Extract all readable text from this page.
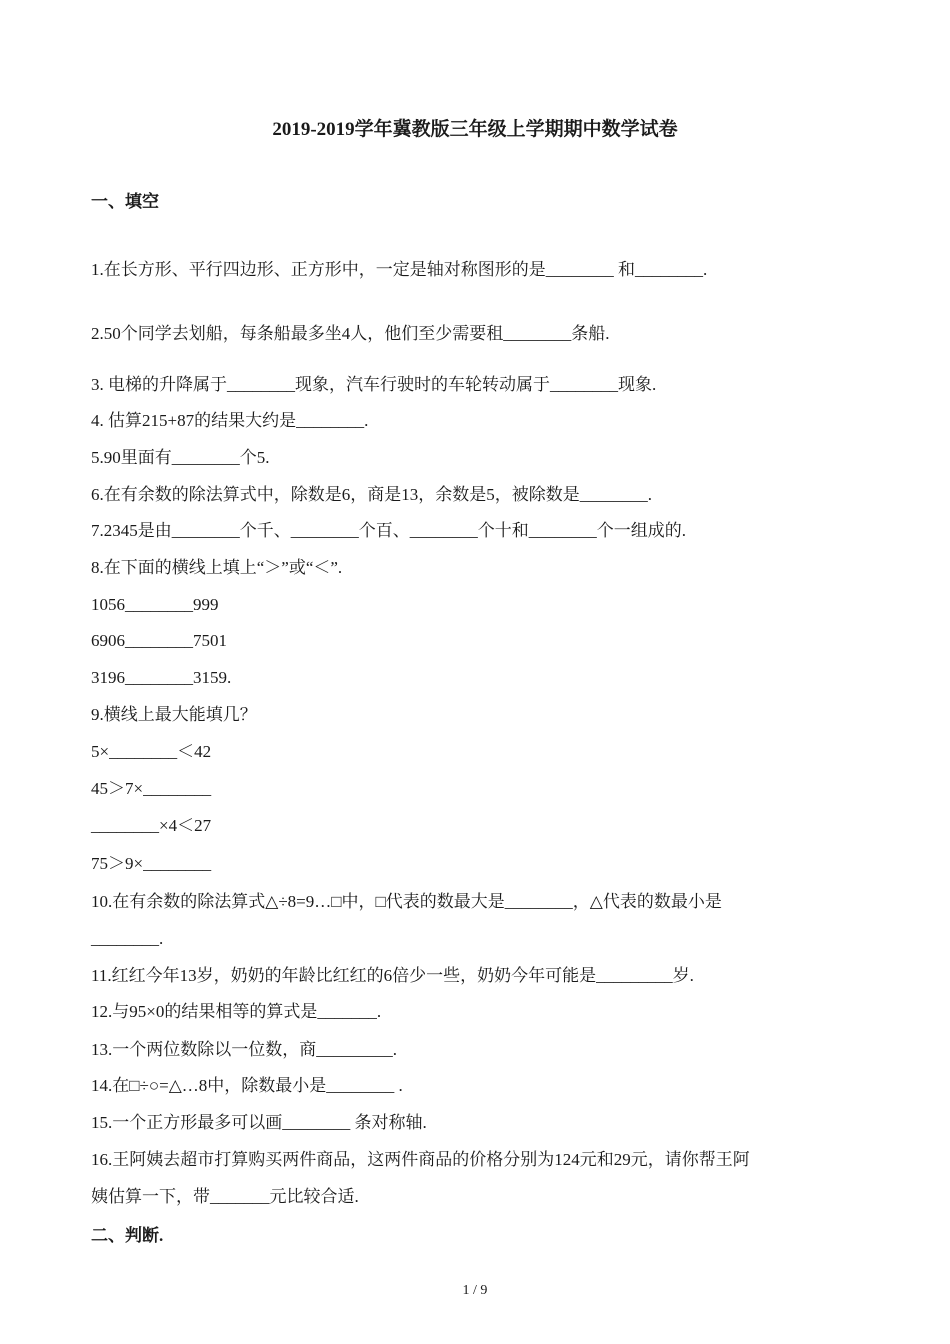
2019-2019学年冀教版三年级上学期期中数学试卷
一、填空
1.在长方形、平行四边形、正方形中，一定是轴对称图形的是________ 和________.
2.50个同学去划船，每条船最多坐4人，他们至少需要租________条船.
3. 电梯的升降属于________现象，汽车行驶时的车轮转动属于________现象.
4. 估算215+87的结果大约是________.
5.90里面有________个5.
6.在有余数的除法算式中，除数是6，商是13，余数是5，被除数是________.
7.2345是由________个千、________个百、________个十和________个一组成的.
8.在下面的横线上填上“＞”或“＜”.
1056________999
6906________7501
3196________3159.
9.横线上最大能填几？
5×________＜42
45＞7×________
________×4＜27
75＞9×________
10.在有余数的除法算式△÷8=9…□中，□代表的数最大是________，△代表的数最小是
________.
11.红红今年13岁，奶奶的年龄比红红的6倍少一些，奶奶今年可能是_________岁.
12.与95×0的结果相等的算式是_______.
13.一个两位数除以一位数，商_________.
14.在□÷○=△…8中，除数最小是________ .
15.一个正方形最多可以画________ 条对称轴.
16.王阿姨去超市打算购买两件商品，这两件商品的价格分别为124元和29元，请你帮王阿
姨估算一下，带_______元比较合适.
二、判断.
1 / 9
